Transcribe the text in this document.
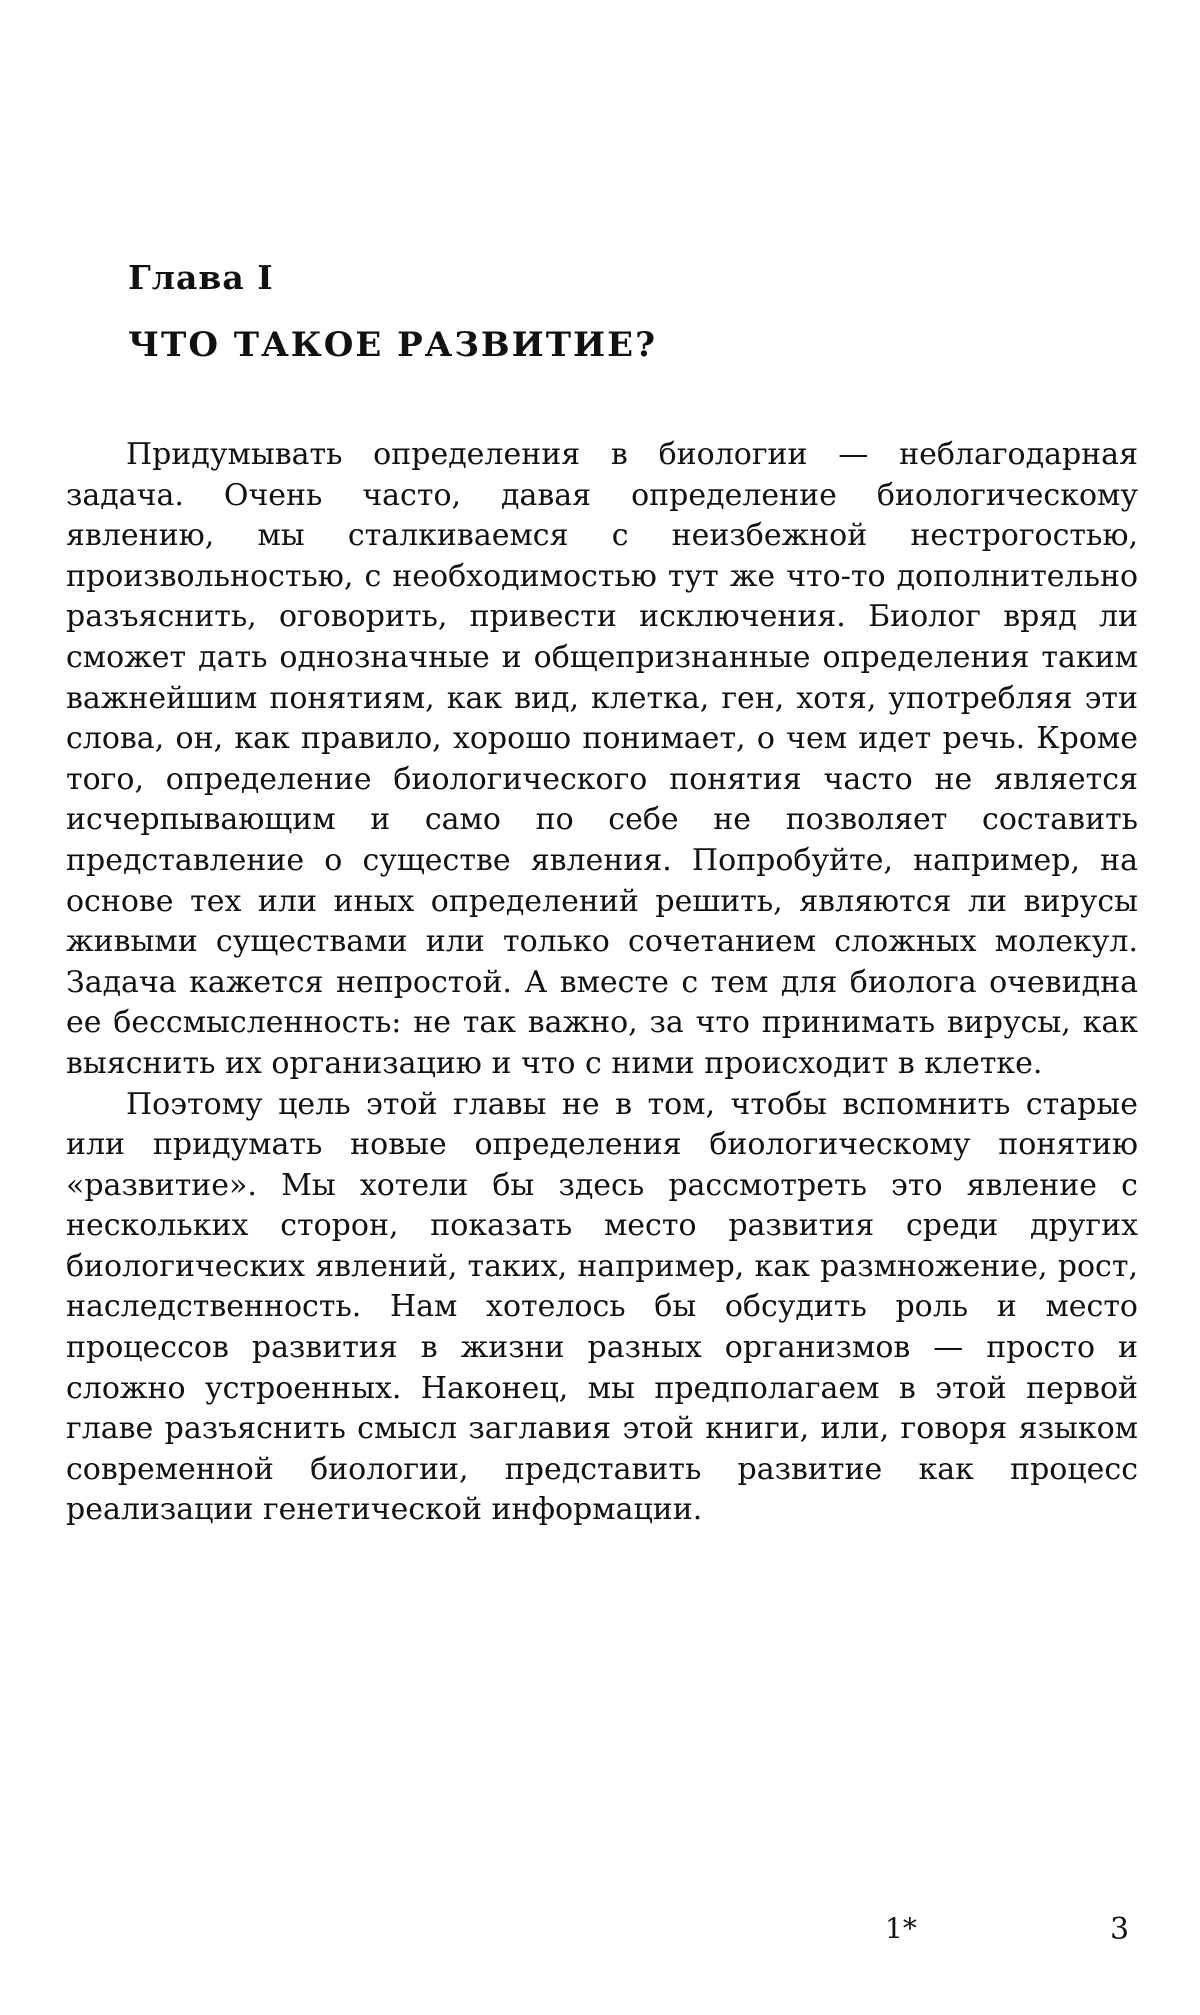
Глава I
ЧТО ТАКОЕ РАЗВИТИЕ?

Придумывать определения в биологии — неблагодарная задача. Очень часто, давая определение биологическому явлению, мы сталкиваемся с неизбежной нестрогостью, произвольностью, с необходимостью тут же что-то дополнительно разъяснить, оговорить, привести исключения. Биолог вряд ли сможет дать однозначные и общепризнанные определения таким важнейшим понятиям, как вид, клетка, ген, хотя, употребляя эти слова, он, как правило, хорошо понимает, о чем идет речь. Кроме того, определение биологического понятия часто не является исчерпывающим и само по себе не позволяет составить представление о существе явления. Попробуйте, например, на основе тех или иных определений решить, являются ли вирусы живыми существами или только сочетанием сложных молекул. Задача кажется непростой. А вместе с тем для биолога очевидна ее бессмысленность: не так важно, за что принимать вирусы, как выяснить их организацию и что с ними происходит в клетке.

Поэтому цель этой главы не в том, чтобы вспомнить старые или придумать новые определения биологическому понятию «развитие». Мы хотели бы здесь рассмотреть это явление с нескольких сторон, показать место развития среди других биологических явлений, таких, например, как размножение, рост, наследственность. Нам хотелось бы обсудить роль и место процессов развития в жизни разных организмов — просто и сложно устроенных. Наконец, мы предполагаем в этой первой главе разъяснить смысл заглавия этой книги, или, говоря языком современной биологии, представить развитие как процесс реализации генетической информации.

1*	3
